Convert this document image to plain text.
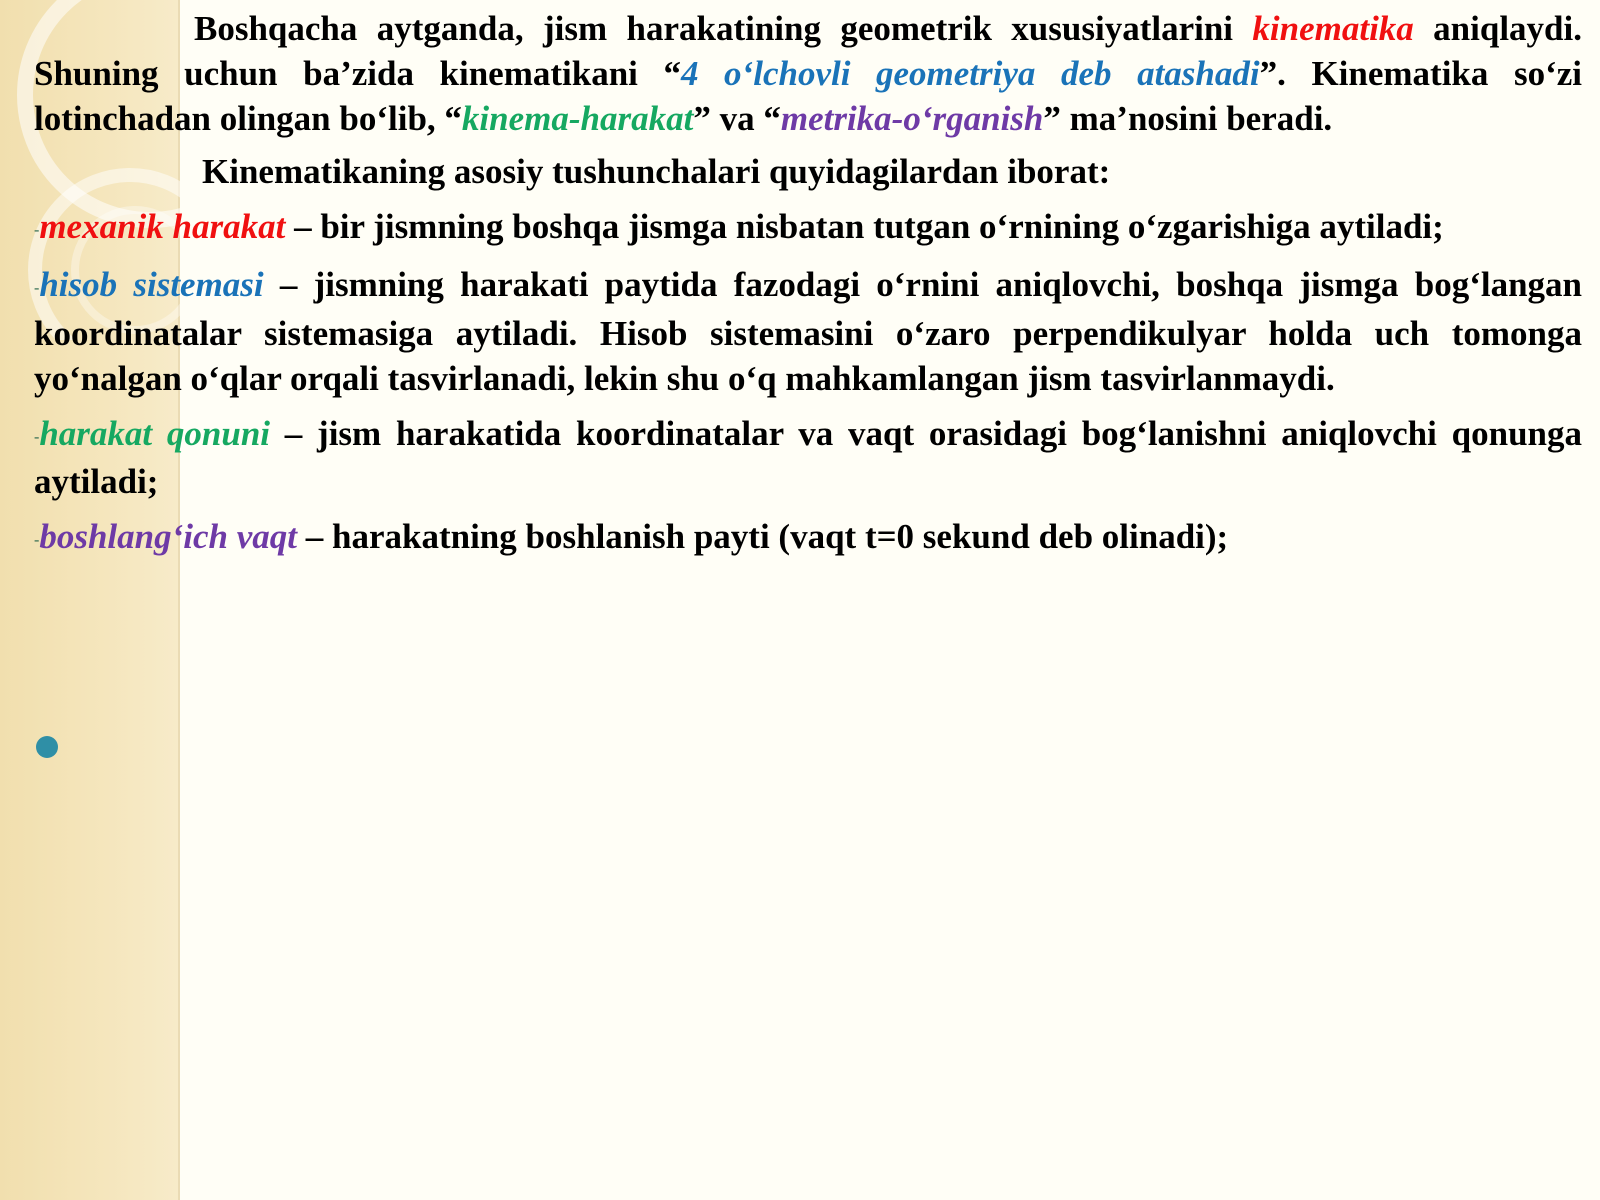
Boshqacha aytganda, jism harakatining geometrik xususiyatlarini kinematika aniqlaydi. Shuning uchun ba’zida kinematikani “4 o‘lchovli geometriya deb atashadi”. Kinematika so‘zi lotinchadan olingan bo‘lib, “kinema-harakat” va “metrika-o‘rganish” ma’nosini beradi.

Kinematikaning asosiy tushunchalari quyidagilardan iborat:

-mexanik harakat – bir jismning boshqa jismga nisbatan tutgan o‘rnining o‘zgarishiga aytiladi;

-hisob sistemasi – jismning harakati paytida fazodagi o‘rnini aniqlovchi, boshqa jismga bog‘langan koordinatalar sistemasiga aytiladi. Hisob sistemasini o‘zaro perpendikulyar holda uch tomonga yo‘nalgan o‘qlar orqali tasvirlanadi, lekin shu o‘q mahkamlangan jism tasvirlanmaydi.

-harakat qonuni – jism harakatida koordinatalar va vaqt orasidagi bog‘lanishni aniqlovchi qonunga aytiladi;

-boshlang‘ich vaqt – harakatning boshlanish payti (vaqt t=0 sekund deb olinadi);
